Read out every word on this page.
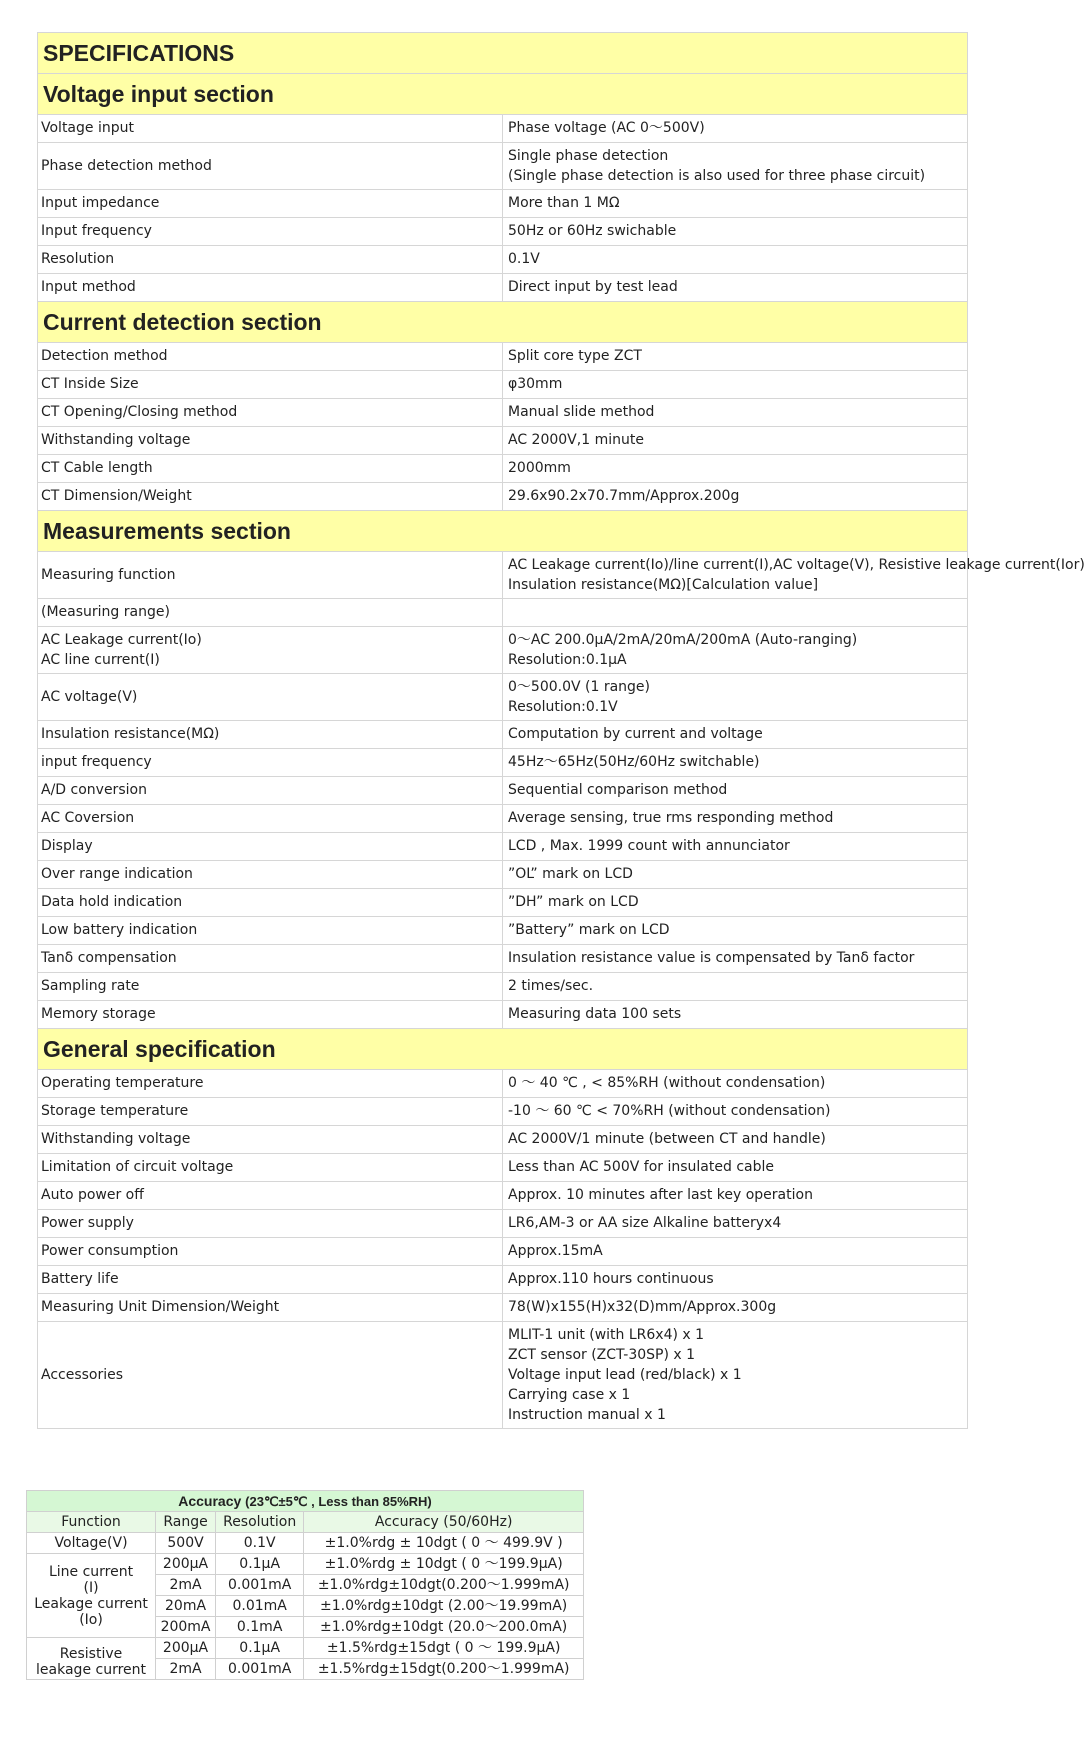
SPECIFICATIONS	
Voltage input section	

Voltage input	Phase voltage (AC 0～500V)

Phase detection method	Single phase detection
(Single phase detection is also used for three phase circuit)

Input impedance	More than 1 MΩ

Input frequency	50Hz or 60Hz swichable

Resolution	0.1V

Input method	Direct input by test lead

Current detection section	

Detection method	Split core type ZCT

CT Inside Size	φ30mm

CT Opening/Closing method	Manual slide method

Withstanding voltage	AC 2000V,1 minute

CT Cable length	2000mm

CT Dimension/Weight	29.6x90.2x70.7mm/Approx.200g

Measurements section	

Measuring function	AC Leakage current(Io)/line current(I),AC voltage(V), Resistive leakage current(Ior)
Insulation resistance(MΩ)[Calculation value]

(Measuring range)	

AC Leakage current(Io)
AC line current(I)	0～AC 200.0μA/2mA/20mA/200mA (Auto-ranging)
Resolution:0.1μA

AC voltage(V)	0～500.0V (1 range)
Resolution:0.1V

Insulation resistance(MΩ)	Computation by current and voltage

input frequency	45Hz～65Hz(50Hz/60Hz switchable)

A/D conversion	Sequential comparison method

AC Coversion	Average sensing, true rms responding method

Display	LCD , Max. 1999 count with annunciator

Over range indication	”OL” mark on LCD

Data hold indication	”DH” mark on LCD

Low battery indication	”Battery” mark on LCD

Tanδ compensation	Insulation resistance value is compensated by Tanδ factor

Sampling rate	2 times/sec.

Memory storage	Measuring data 100 sets

General specification	

Operating temperature	0 ～ 40 ℃ , < 85%RH (without condensation)

Storage temperature	-10 ～ 60 ℃ < 70%RH (without condensation)

Withstanding voltage	AC 2000V/1 minute (between CT and handle)

Limitation of circuit voltage	Less than AC 500V for insulated cable

Auto power off	Approx. 10 minutes after last key operation

Power supply	LR6,AM-3 or AA size Alkaline batteryx4

Power consumption	Approx.15mA

Battery life	Approx.110 hours continuous

Measuring Unit Dimension/Weight	78(W)x155(H)x32(D)mm/Approx.300g

Accessories	MLIT-1 unit (with LR6x4) x 1
ZCT sensor (ZCT-30SP) x 1
Voltage input lead (red/black) x 1
Carrying case x 1
Instruction manual x 1
Accuracy (23℃±5℃ , Less than 85%RH)			
Function	Range	Resolution	Accuracy (50/60Hz)
Voltage(V)	500V	0.1V	±1.0%rdg ± 10dgt ( 0 ～ 499.9V )

Line current
(I)
Leakage current
(Io)	200μA	0.1μA	±1.0%rdg ± 10dgt ( 0 ～199.9μA)
	2mA	0.001mA	±1.0%rdg±10dgt(0.200～1.999mA)
	20mA	0.01mA	±1.0%rdg±10dgt (2.00～19.99mA)
	200mA	0.1mA	±1.0%rdg±10dgt (20.0～200.0mA)

Resistive
leakage current	200μA	0.1μA	±1.5%rdg±15dgt ( 0 ～ 199.9μA)
	2mA	0.001mA	±1.5%rdg±15dgt(0.200～1.999mA)
